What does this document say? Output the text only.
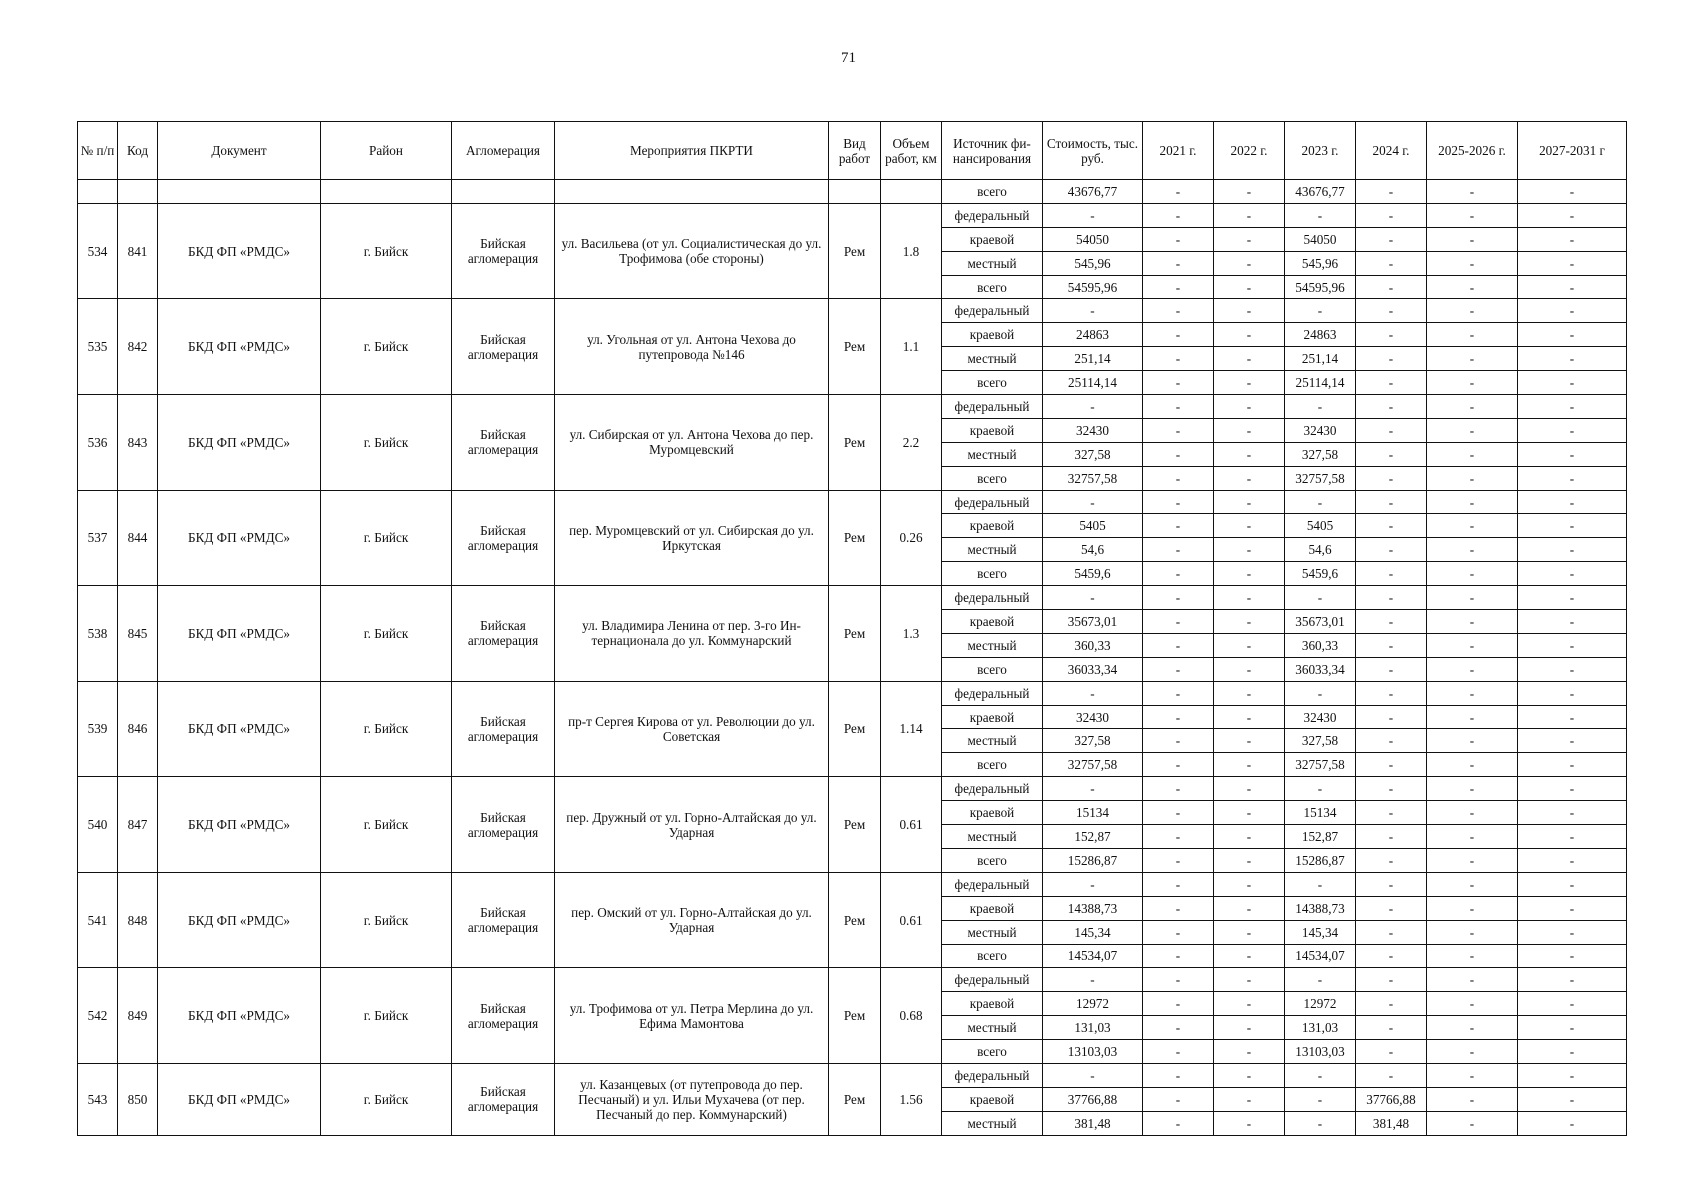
71
№ п/п	Код	Документ	Район	Агломерация	Мероприятия ПКРТИ	Вид работ	Объем работ, км	Источник фи- нансирования	Стоимость, тыс. руб.	2021 г.	2022 г.	2023 г.	2024 г.	2025-2026 г.	2027-2031 г
								всего	43676,77	-	-	43676,77	-	-	-
534	841	БКД ФП «РМДС»	г. Бийск	Бийская агломерация	ул. Васильева (от ул. Социалистическая до ул. Трофимова (обе стороны)	Рем	1.8	федеральный	-	-	-	-	-	-	-
								краевой	54050	-	-	54050	-	-	-
								местный	545,96	-	-	545,96	-	-	-
								всего	54595,96	-	-	54595,96	-	-	-
535	842	БКД ФП «РМДС»	г. Бийск	Бийская агломерация	ул. Угольная от ул. Антона Чехова до путепровода №146	Рем	1.1	федеральный	-	-	-	-	-	-	-
								краевой	24863	-	-	24863	-	-	-
								местный	251,14	-	-	251,14	-	-	-
								всего	25114,14	-	-	25114,14	-	-	-
536	843	БКД ФП «РМДС»	г. Бийск	Бийская агломерация	ул. Сибирская от ул. Антона Чехова до пер. Муромцевский	Рем	2.2	федеральный	-	-	-	-	-	-	-
								краевой	32430	-	-	32430	-	-	-
								местный	327,58	-	-	327,58	-	-	-
								всего	32757,58	-	-	32757,58	-	-	-
537	844	БКД ФП «РМДС»	г. Бийск	Бийская агломерация	пер. Муромцевский от ул. Сибирская до ул. Иркутская	Рем	0.26	федеральный	-	-	-	-	-	-	-
								краевой	5405	-	-	5405	-	-	-
								местный	54,6	-	-	54,6	-	-	-
								всего	5459,6	-	-	5459,6	-	-	-
538	845	БКД ФП «РМДС»	г. Бийск	Бийская агломерация	ул. Владимира Ленина от пер. 3-го Ин- тернационала до ул. Коммунарский	Рем	1.3	федеральный	-	-	-	-	-	-	-
								краевой	35673,01	-	-	35673,01	-	-	-
								местный	360,33	-	-	360,33	-	-	-
								всего	36033,34	-	-	36033,34	-	-	-
539	846	БКД ФП «РМДС»	г. Бийск	Бийская агломерация	пр-т Сергея Кирова от ул. Революции до ул. Советская	Рем	1.14	федеральный	-	-	-	-	-	-	-
								краевой	32430	-	-	32430	-	-	-
								местный	327,58	-	-	327,58	-	-	-
								всего	32757,58	-	-	32757,58	-	-	-
540	847	БКД ФП «РМДС»	г. Бийск	Бийская агломерация	пер. Дружный от ул. Горно-Алтайская до ул. Ударная	Рем	0.61	федеральный	-	-	-	-	-	-	-
								краевой	15134	-	-	15134	-	-	-
								местный	152,87	-	-	152,87	-	-	-
								всего	15286,87	-	-	15286,87	-	-	-
541	848	БКД ФП «РМДС»	г. Бийск	Бийская агломерация	пер. Омский от ул. Горно-Алтайская до ул. Ударная	Рем	0.61	федеральный	-	-	-	-	-	-	-
								краевой	14388,73	-	-	14388,73	-	-	-
								местный	145,34	-	-	145,34	-	-	-
								всего	14534,07	-	-	14534,07	-	-	-
542	849	БКД ФП «РМДС»	г. Бийск	Бийская агломерация	ул. Трофимова от ул. Петра Мерлина до ул. Ефима Мамонтова	Рем	0.68	федеральный	-	-	-	-	-	-	-
								краевой	12972	-	-	12972	-	-	-
								местный	131,03	-	-	131,03	-	-	-
								всего	13103,03	-	-	13103,03	-	-	-
543	850	БКД ФП «РМДС»	г. Бийск	Бийская агломерация	ул. Казанцевых (от путепровода до пер. Песчаный) и ул. Ильи Мухачева (от пер. Песчаный до пер. Коммунарский)	Рем	1.56	федеральный	-	-	-	-	-	-	-
								краевой	37766,88	-	-	-	37766,88	-	-
								местный	381,48	-	-	-	381,48	-	-
